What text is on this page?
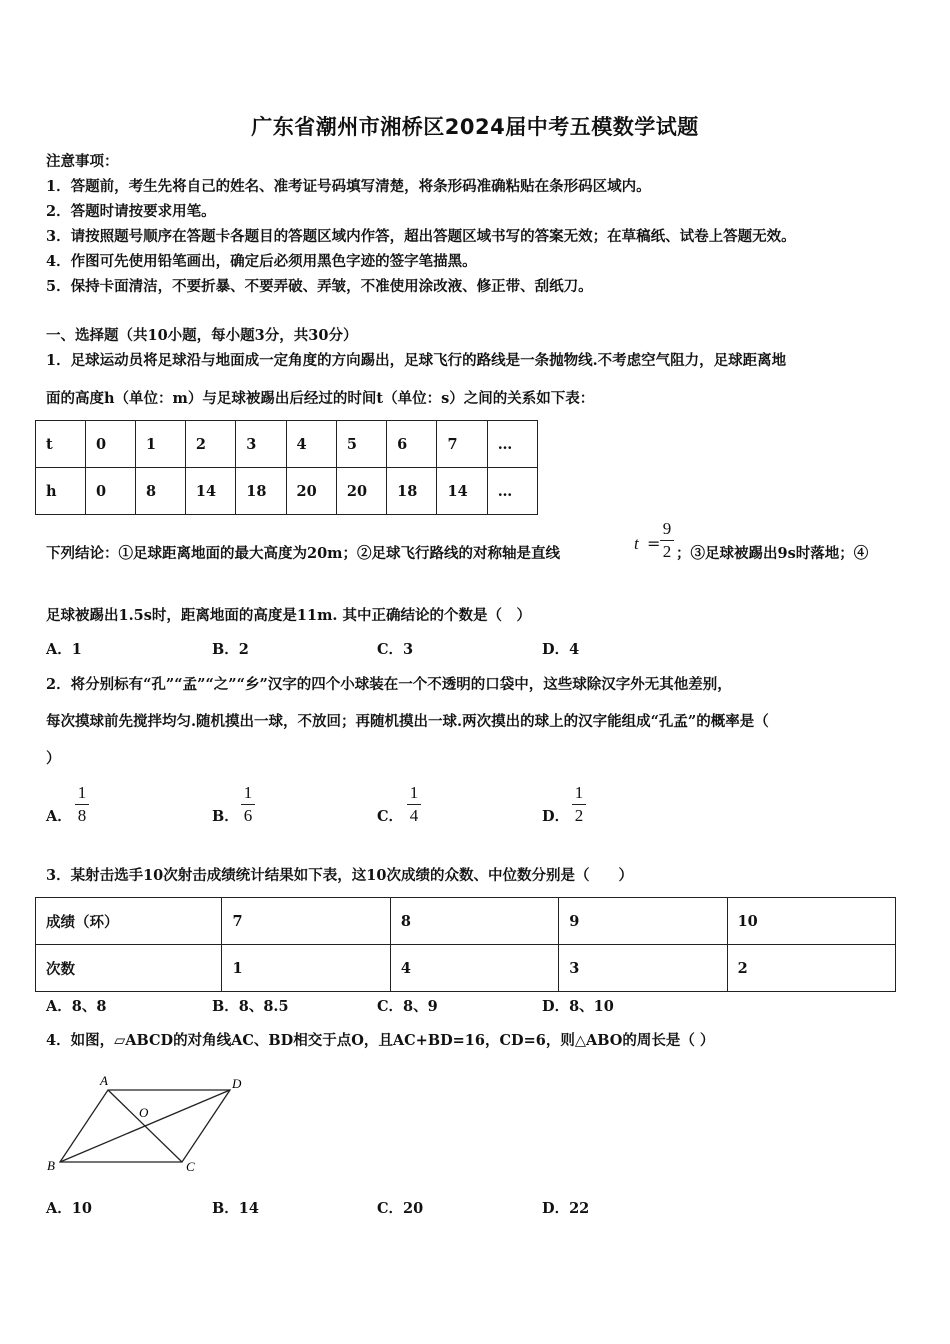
广东省潮州市湘桥区2024届中考五模数学试题
注意事项：
1．答题前，考生先将自己的姓名、准考证号码填写清楚，将条形码准确粘贴在条形码区域内。
2．答题时请按要求用笔。
3．请按照题号顺序在答题卡各题目的答题区域内作答，超出答题区域书写的答案无效；在草稿纸、试卷上答题无效。
4．作图可先使用铅笔画出，确定后必须用黑色字迹的签字笔描黑。
5．保持卡面清洁，不要折暴、不要弄破、弄皱，不准使用涂改液、修正带、刮纸刀。
一、选择题（共10小题，每小题3分，共30分）
1．足球运动员将足球沿与地面成一定角度的方向踢出，足球飞行的路线是一条抛物线.不考虑空气阻力，足球距离地
面的高度h（单位：m）与足球被踢出后经过的时间t（单位：s）之间的关系如下表：
t	0	1	2	3	4	5	6	7	…
h	0	8	14	18	20	20	18	14	…
下列结论：①足球距离地面的最大高度为20m；②足球飞行路线的对称轴是直线
t =
9
2 ；③足球被踢出9s时落地；④
足球被踢出1.5s时，距离地面的高度是11m. 其中正确结论的个数是（　）
A．1	B．2	C．3	D．4
2．将分别标有“孔”“孟”“之”“乡”汉字的四个小球装在一个不透明的口袋中，这些球除汉字外无其他差别，
每次摸球前先搅拌均匀.随机摸出一球，不放回；再随机摸出一球.两次摸出的球上的汉字能组成“孔孟”的概率是（
）
A．
1
8	B．
1
6	C．
1
4	D．
1
2
3．某射击选手10次射击成绩统计结果如下表，这10次成绩的众数、中位数分别是（　　）
成绩（环）	7	8	9	10
次数	1	4	3	2
A．8、8	B．8、8.5	C．8、9	D．8、10
4．如图，▱ABCD的对角线AC、BD相交于点O，且AC+BD=16，CD=6，则△ABO的周长是（ ）
A	D
B	C
O
A．10	B．14	C．20	D．22
